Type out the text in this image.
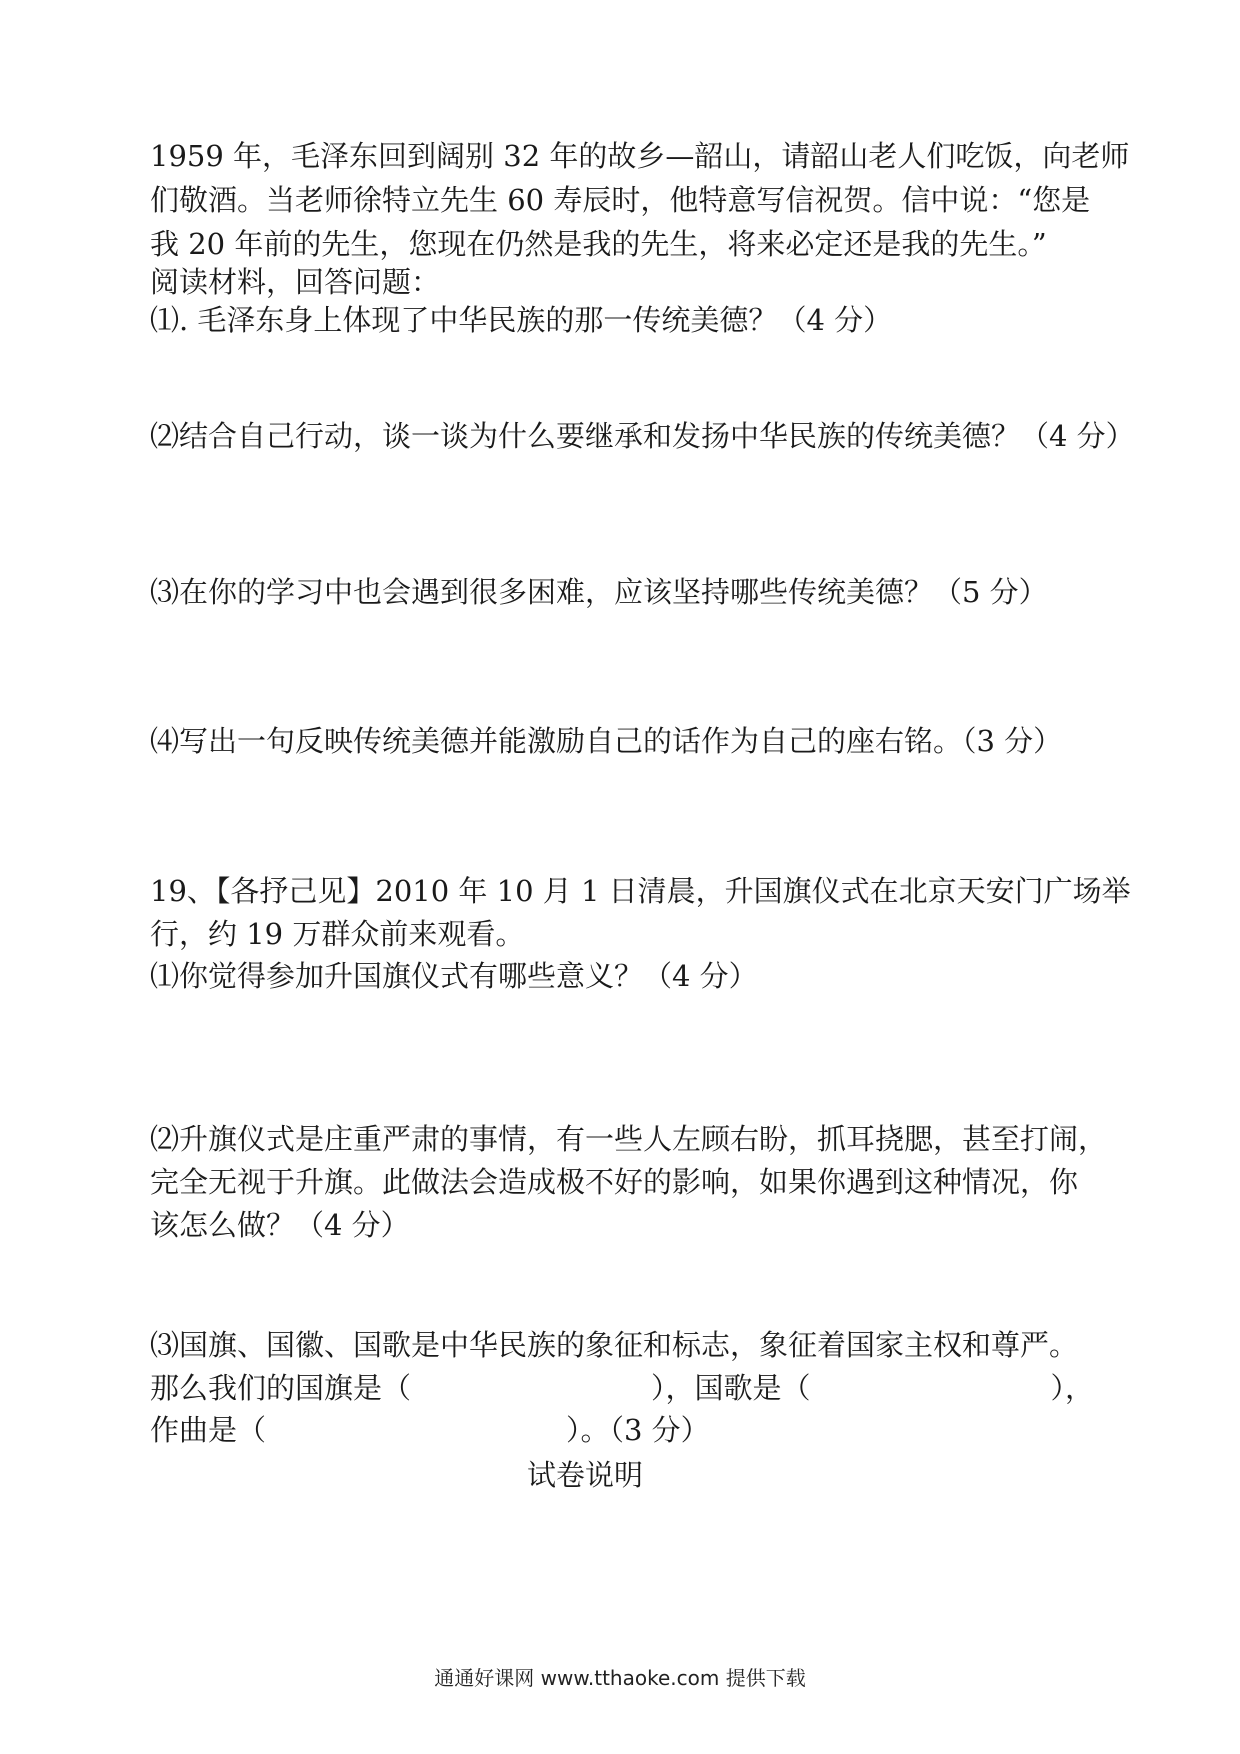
1959 年，毛泽东回到阔别 32 年的故乡—韶山，请韶山老人们吃饭，向老师
们敬酒。当老师徐特立先生 60 寿辰时，他特意写信祝贺。信中说：“您是
我 20 年前的先生，您现在仍然是我的先生，将来必定还是我的先生。”
阅读材料，回答问题：
⑴. 毛泽东身上体现了中华民族的那一传统美德？（4 分）
⑵结合自己行动，谈一谈为什么要继承和发扬中华民族的传统美德？（4 分）
⑶在你的学习中也会遇到很多困难，应该坚持哪些传统美德？（5 分）
⑷写出一句反映传统美德并能激励自己的话作为自己的座右铭。（3 分）
19、【各抒己见】2010 年 10 月 1 日清晨，升国旗仪式在北京天安门广场举
行，约 19 万群众前来观看。
⑴你觉得参加升国旗仪式有哪些意义？（4 分）
⑵升旗仪式是庄重严肃的事情，有一些人左顾右盼，抓耳挠腮，甚至打闹，
完全无视于升旗。此做法会造成极不好的影响，如果你遇到这种情况，你
该怎么做？（4 分）
⑶国旗、国徽、国歌是中华民族的象征和标志，象征着国家主权和尊严。
那么我们的国旗是（	），国歌是（	），
作曲是（	）。（3 分）
试卷说明
通通好课网 www.tthaoke.com 提供下载
